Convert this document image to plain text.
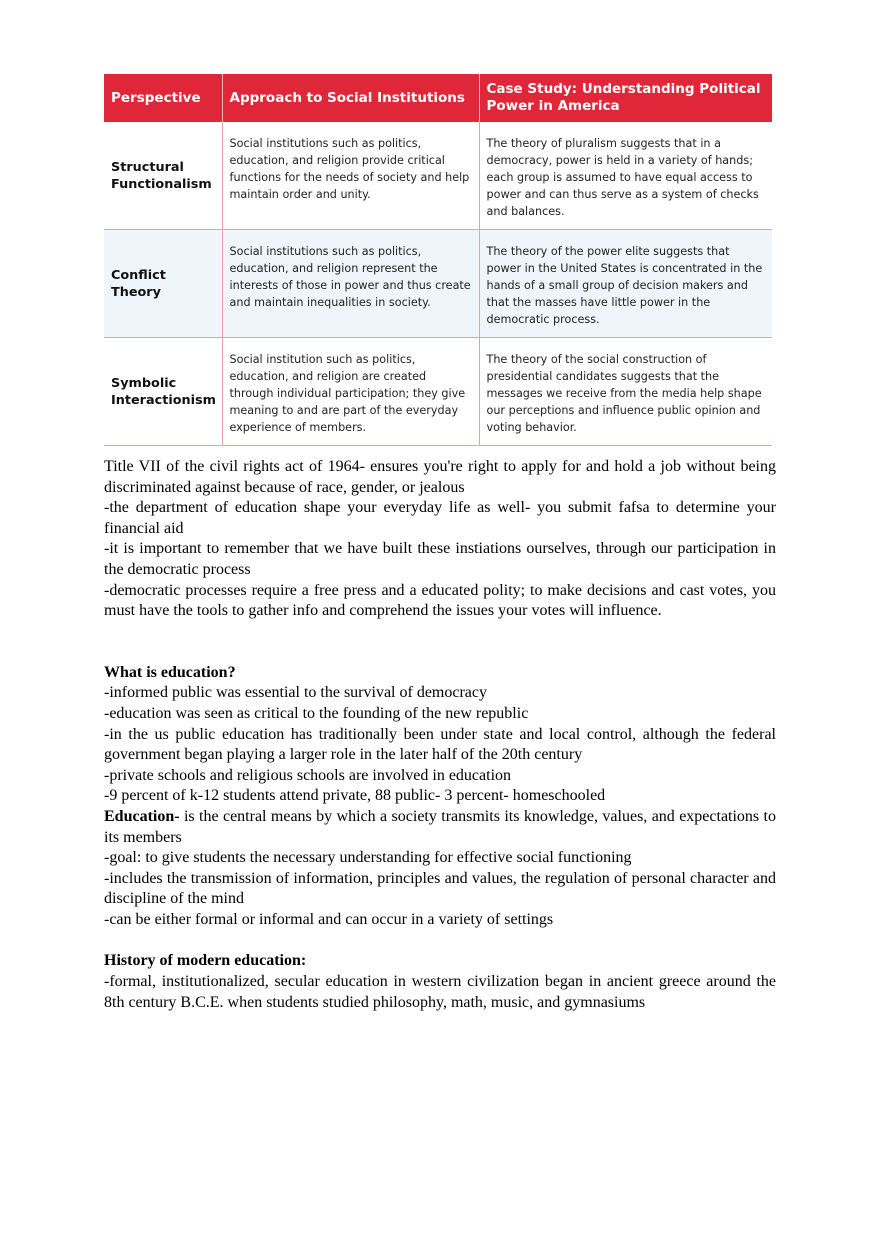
Perspective	Approach to Social Institutions	Case Study: Understanding Political Power in America
Structural Functionalism	Social institutions such as politics, education, and religion provide critical functions for the needs of society and help maintain order and unity.	The theory of pluralism suggests that in a democracy, power is held in a variety of hands; each group is assumed to have equal access to power and can thus serve as a system of checks and balances.
Conflict Theory	Social institutions such as politics, education, and religion represent the interests of those in power and thus create and maintain inequalities in society.	The theory of the power elite suggests that power in the United States is concentrated in the hands of a small group of decision makers and that the masses have little power in the democratic process.
Symbolic Interactionism	Social institution such as politics, education, and religion are created through individual participation; they give meaning to and are part of the everyday experience of members.	The theory of the social construction of presidential candidates suggests that the messages we receive from the media help shape our perceptions and influence public opinion and voting behavior.

Title VII of the civil rights act of 1964- ensures you're right to apply for and hold a job without being discriminated against because of race, gender, or jealous

-the department of education shape your everyday life as well- you submit fafsa to determine your financial aid

-it is important to remember that we have built these instiations ourselves, through our participation in the democratic process

-democratic processes require a free press and a educated polity; to make decisions and cast votes, you must have the tools to gather info and comprehend the issues your votes will influence.

What is education?

-informed public was essential to the survival of democracy

-education was seen as critical to the founding of the new republic

-in the us public education has traditionally been under state and local control, although the federal government began playing a larger role in the later half of the 20th century

-private schools and religious schools are involved in education

-9 percent of k-12 students attend private, 88 public- 3 percent- homeschooled

Education- is the central means by which a society transmits its knowledge, values, and expectations to its members

-goal: to give students the necessary understanding for effective social functioning

-includes the transmission of information, principles and values, the regulation of personal character and discipline of the mind

-can be either formal or informal and can occur in a variety of settings

History of modern education:

-formal, institutionalized, secular education in western civilization began in ancient greece around the 8th century B.C.E. when students studied philosophy, math, music, and gymnasiums
